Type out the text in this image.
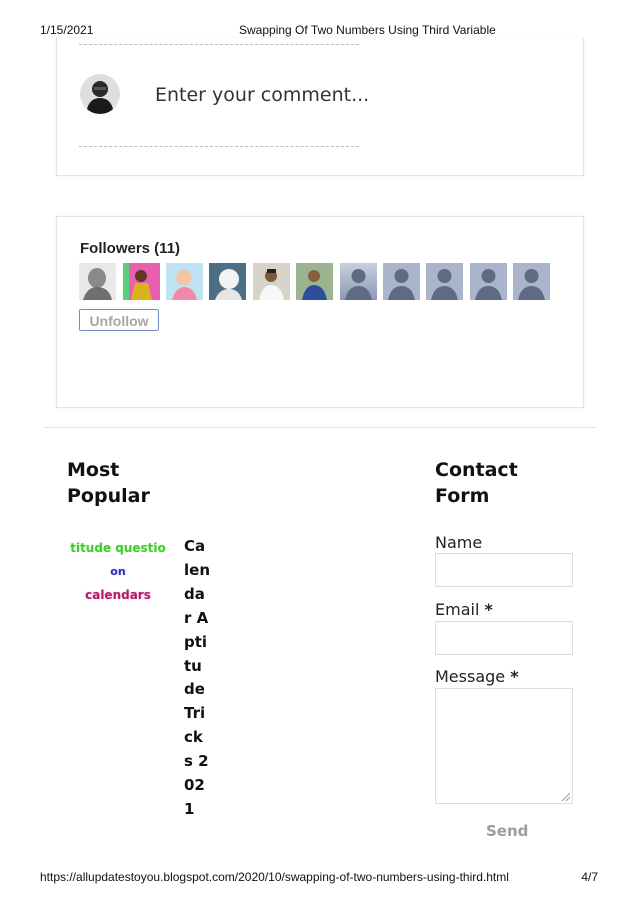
1/15/2021	Swapping Of Two Numbers Using Third Variable
Enter your comment...
Followers (11)
Unfollow
Most Popular
titude questio
on
calendars
Calendar Aptitude Tricks 2021
Contact Form
Name
Email *
Message *
Send
https://allupdatestoyou.blogspot.com/2020/10/swapping-of-two-numbers-using-third.html	4/7
